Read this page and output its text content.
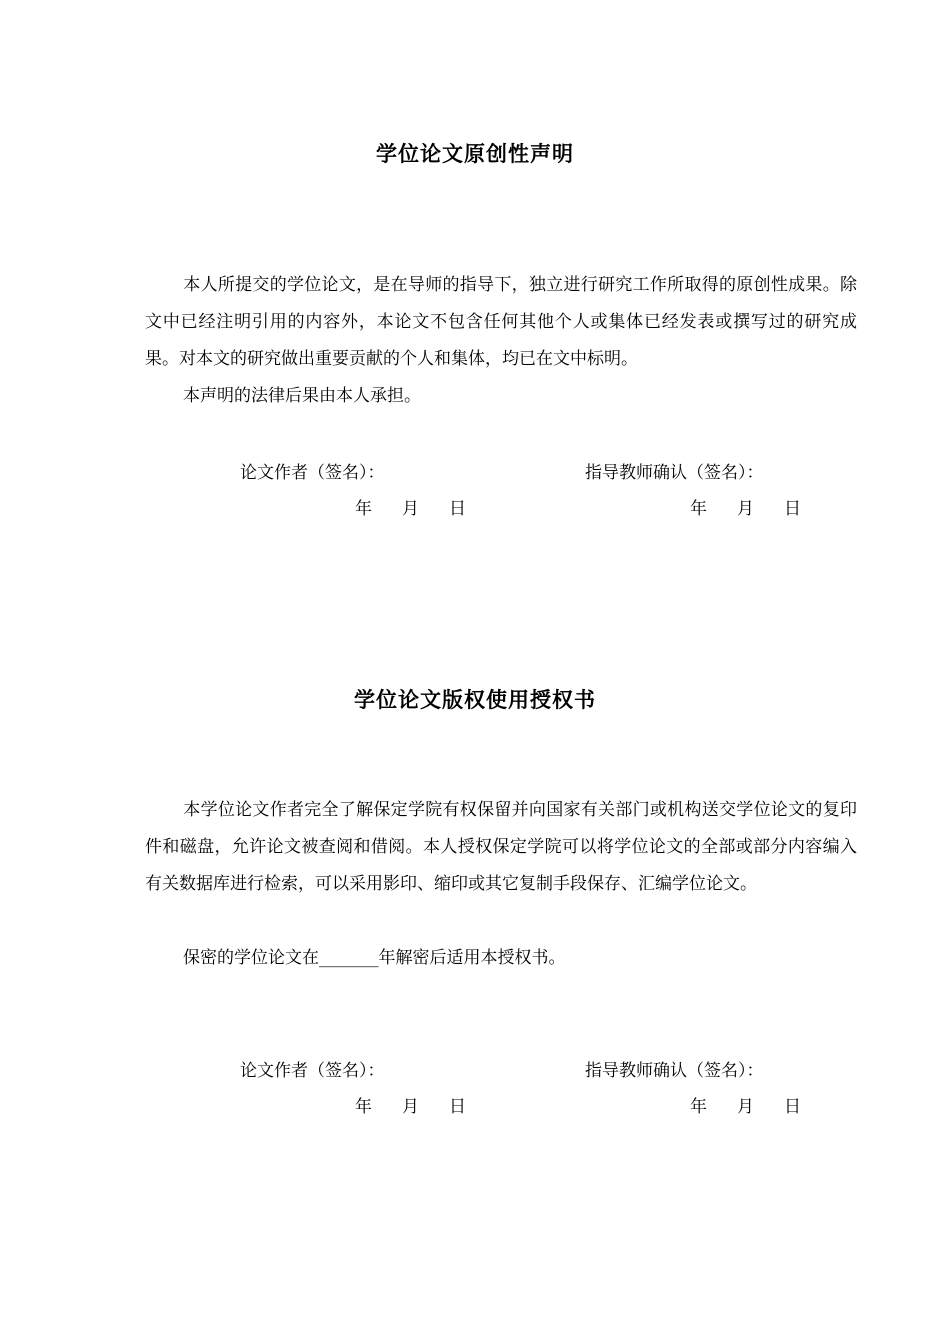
学位论文原创性声明
本人所提交的学位论文，是在导师的指导下，独立进行研究工作所取得的原创性成果。除文中已经注明引用的内容外，本论文不包含任何其他个人或集体已经发表或撰写过的研究成果。对本文的研究做出重要贡献的个人和集体，均已在文中标明。
本声明的法律后果由本人承担。
论文作者（签名）：	指导教师确认（签名）：
年 月 日	年 月 日
学位论文版权使用授权书
本学位论文作者完全了解保定学院有权保留并向国家有关部门或机构送交学位论文的复印件和磁盘，允许论文被查阅和借阅。本人授权保定学院可以将学位论文的全部或部分内容编入有关数据库进行检索，可以采用影印、缩印或其它复制手段保存、汇编学位论文。
保密的学位论文在_______年解密后适用本授权书。
论文作者（签名）：	指导教师确认（签名）：
年 月 日	年 月 日
